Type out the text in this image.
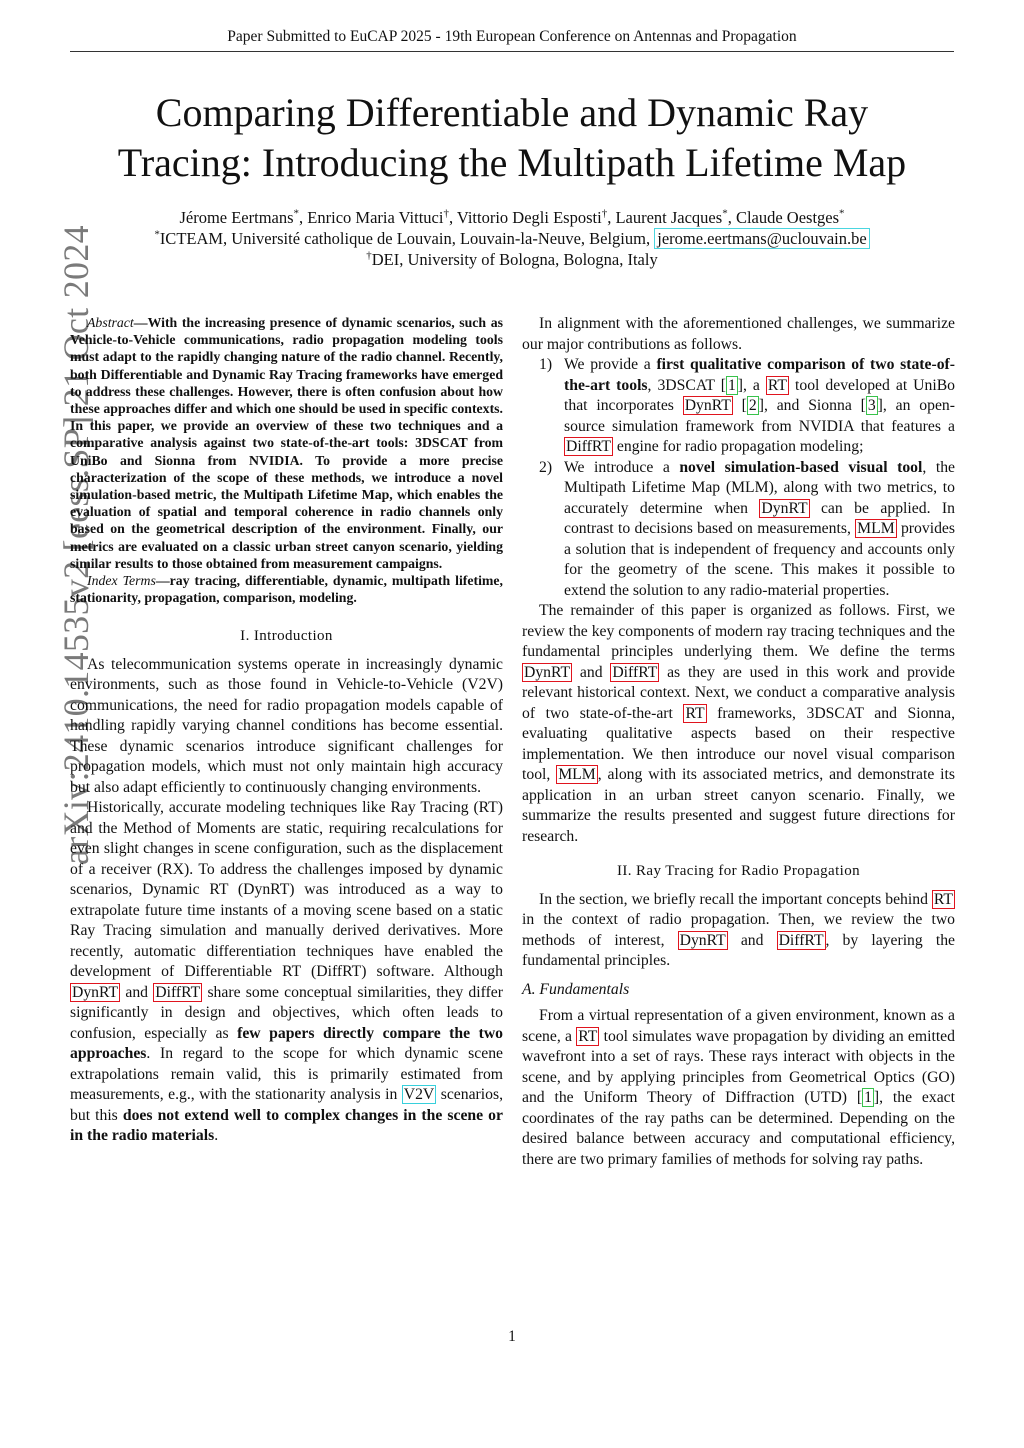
Paper Submitted to EuCAP 2025 - 19th European Conference on Antennas and Propagation
Comparing Differentiable and Dynamic Ray
Tracing: Introducing the Multipath Lifetime Map
Jérome Eertmans*, Enrico Maria Vittuci†, Vittorio Degli Esposti†, Laurent Jacques*, Claude Oestges*
*ICTEAM, Université catholique de Louvain, Louvain-la-Neuve, Belgium, jerome.eertmans@uclouvain.be
†DEI, University of Bologna, Bologna, Italy
arXiv:2410.14535v2 [eess.SP] 21 Oct 2024

Abstract—With the increasing presence of dynamic scenarios, such as Vehicle-to-Vehicle communications, radio propagation modeling tools must adapt to the rapidly changing nature of the radio channel. Recently, both Differentiable and Dynamic Ray Tracing frameworks have emerged to address these challenges. However, there is often confusion about how these approaches differ and which one should be used in specific contexts. In this paper, we provide an overview of these two techniques and a comparative analysis against two state-of-the-art tools: 3DSCAT from UniBo and Sionna from NVIDIA. To provide a more precise characterization of the scope of these methods, we introduce a novel simulation-based metric, the Multipath Lifetime Map, which enables the evaluation of spatial and temporal coherence in radio channels only based on the geometrical description of the environment. Finally, our metrics are evaluated on a classic urban street canyon scenario, yielding similar results to those obtained from measurement campaigns.

Index Terms—ray tracing, differentiable, dynamic, multipath lifetime, stationarity, propagation, comparison, modeling.

I. Introduction

As telecommunication systems operate in increasingly dynamic environments, such as those found in Vehicle-to-Vehicle (V2V) communications, the need for radio propagation models capable of handling rapidly varying channel conditions has become essential. These dynamic scenarios introduce significant challenges for propagation models, which must not only maintain high accuracy but also adapt efficiently to continuously changing environments.

Historically, accurate modeling techniques like Ray Tracing (RT) and the Method of Moments are static, requiring recalculations for even slight changes in scene configuration, such as the displacement of a receiver (RX). To address the challenges imposed by dynamic scenarios, Dynamic RT (DynRT) was introduced as a way to extrapolate future time instants of a moving scene based on a static Ray Tracing simulation and manually derived derivatives. More recently, automatic differentiation techniques have enabled the development of Differentiable RT (DiffRT) software. Although DynRT and DiffRT share some conceptual similarities, they differ significantly in design and objectives, which often leads to confusion, especially as few papers directly compare the two approaches. In regard to the scope for which dynamic scene extrapolations remain valid, this is primarily estimated from measurements, e.g., with the stationarity analysis in V2V scenarios, but this does not extend well to complex changes in the scene or in the radio materials.

In alignment with the aforementioned challenges, we summarize our major contributions as follows.

1) We provide a first qualitative comparison of two state-of-the-art tools, 3DSCAT [ 1 ], a RT tool developed at UniBo that incorporates DynRT [ 2 ], and Sionna [ 3 ], an open-source simulation framework from NVIDIA that features a DiffRT engine for radio propagation modeling;
2) We introduce a novel simulation-based visual tool, the Multipath Lifetime Map (MLM), along with two metrics, to accurately determine when DynRT can be applied. In contrast to decisions based on measurements, MLM provides a solution that is independent of frequency and accounts only for the geometry of the scene. This makes it possible to extend the solution to any radio-material properties.

The remainder of this paper is organized as follows. First, we review the key components of modern ray tracing techniques and the fundamental principles underlying them. We define the terms DynRT and DiffRT as they are used in this work and provide relevant historical context. Next, we conduct a comparative analysis of two state-of-the-art RT frameworks, 3DSCAT and Sionna, evaluating qualitative aspects based on their respective implementation. We then introduce our novel visual comparison tool, MLM , along with its associated metrics, and demonstrate its application in an urban street canyon scenario. Finally, we summarize the results presented and suggest future directions for research.

II. Ray Tracing for Radio Propagation

In the section, we briefly recall the important concepts behind RT in the context of radio propagation. Then, we review the two methods of interest, DynRT and DiffRT , by layering the fundamental principles.

A. Fundamentals

From a virtual representation of a given environment, known as a scene, a RT tool simulates wave propagation by dividing an emitted wavefront into a set of rays. These rays interact with objects in the scene, and by applying principles from Geometrical Optics (GO) and the Uniform Theory of Diffraction (UTD) [ 1 ], the exact coordinates of the ray paths can be determined. Depending on the desired balance between accuracy and computational efficiency, there are two primary families of methods for solving ray paths.

1
